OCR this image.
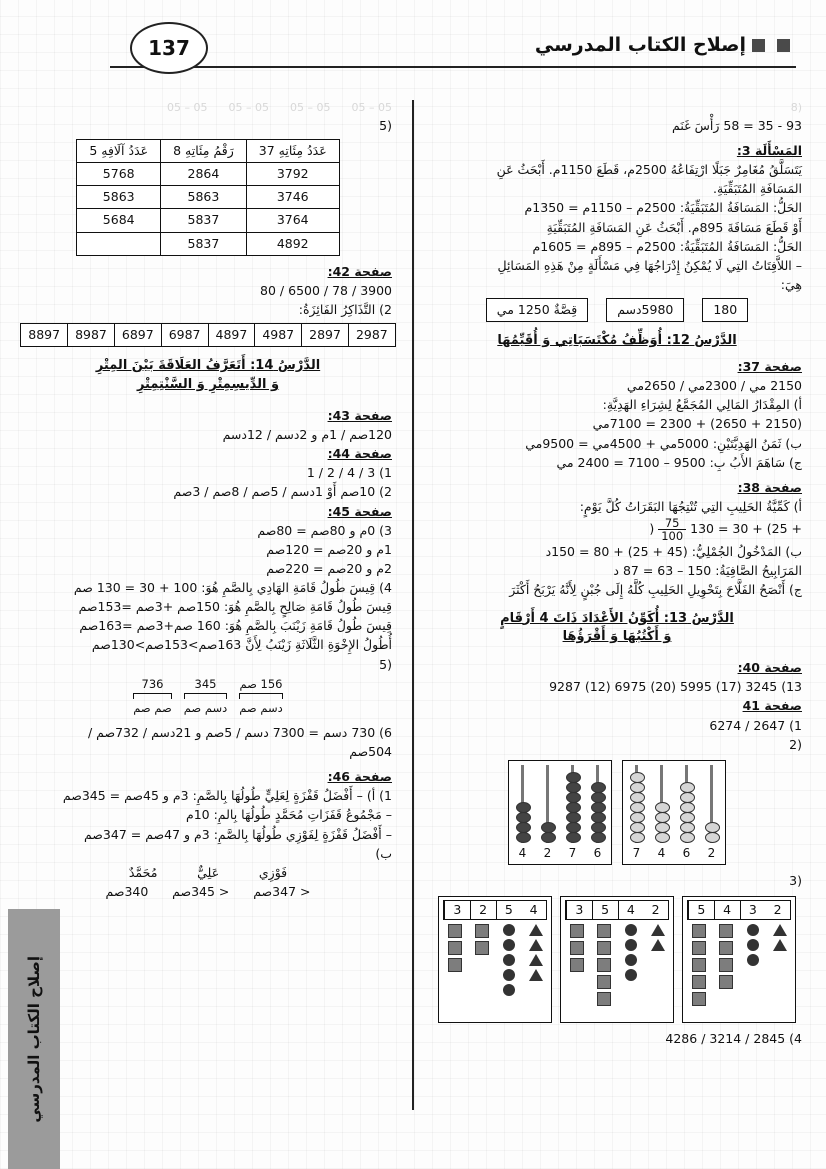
إصلاح الكتاب المدرسي
137
إصلاح الكتاب المدرسي
(8
93 - 35 = 58 رَأْسَ غَنَم
المَسْأَلَة 3:
يَتَسَلَّقُ مُغَامِرٌ جَبَلًا ارْتِفَاعُهُ 2500م، قَطَعَ 1150م. أَبْحَثُ عَنِ
المَسَافَةِ المُتَبَقِّيَةِ.
الحَلُّ: المَسَافَةُ المُتَبَقِّيَةُ: 2500م – 1150م = 1350م
أَوْ قَطَعَ مَسَافَةَ 895م. أَبْحَثُ عَنِ المَسَافَةِ المُتَبَقِّيَةِ
الحَلُّ: المَسَافَةُ المُتَبَقِّيَةُ: 2500م – 895م = 1605م
– اللاَّفِتَاتُ التِي لَا يُمْكِنُ إِدْرَاجُهَا فِي مَسْأَلَةٍ مِنْ هَذِهِ المَسَائِلِ
هِيَ:
180
5980دسم
قِصَّةٌ 1250 مي
الدَّرْسُ 12: أُوَظِّفُ مُكْتَسَبَاتِي وَ أُقَيِّمُهَا
صفحة 37:
2150 مي / 2300مي / 2650مي
أ) المِقْدَارُ المَالِي المُجَمَّعُ لِشِرَاءِ الهَدِيَّةِ:
(2150 + 2650) + 2300 = 7100مي
ب) ثَمَنُ الهَدِيَّتَيْنِ: 5000مي + 4500مي = 9500مي
ج) سَاهَمَ الأَبُ بِ: 9500 – 7100 = 2400 مي
صفحة 38:
أ) كَمِّيَّةُ الحَلِيبِ التِي تُنْتِجُهَا البَقَرَاتُ كُلَّ يَوْمٍ:
+ 25) + 30 = 130
$\frac{75}{100}$
(
ب) المَدْخُولُ الجُمْلِيُّ: (45 + 25) + 80 = 150د
المَرَابِيحُ الصَّافِيَةُ: 150 – 63 = 87 د
ج) أَنْصَحُ الفَلَّاحَ بِتَحْوِيلِ الحَلِيبِ كُلَّهُ إِلَى جُبْنٍ لِأَنَّهُ يَرْبَحُ أَكْثَرَ
الدَّرْسُ 13: أُكَوِّنُ الأَعْدَادَ ذَاتَ 4 أَرْقَامٍ
وَ أَكْتُبُهَا وَ أَقْرَؤُهَا
صفحة 40:
13) 3245 (17) 5995 (20) 6975 (12) 9287
صفحة 41
1) 2647 / 6274
(2
4	2	7	6	7	4	6	2
(3
3	2	5	4	3	5	4	2	5	4	3	2
4) 2845 / 3214 / 4286
05 – 05      05 – 05      05 – 05      05 – 05
(5
عَدَدُ مِئَاتِهِ 37	رَقْمُ مِئَاتِهِ 8	عَدَدُ آلَافِهِ 5
3792	2864	5768
3746	5863	5863
3764	5837	5684
4892	5837	
صفحة 42:
3900 / 78 / 6500 / 80
2) التَّذَاكِرُ الفَائِزَةُ:
2987
2897
4987
4897
6987
6897
8987
8897
الدَّرْسُ 14: أَتَعَرَّفُ العَلَاقَةَ بَيْنَ المِتْرِ
وَ الدِّيسِمِتْرِ وَ السَّنْتِمِتْرِ
صفحة 43:
120صم / 1م و 2دسم / 12دسم
صفحة 44:
1) 3 / 4 / 2 / 1
2) 10صم أَوْ 1دسم / 5صم / 8صم / 3صم
صفحة 45:
3) 0م و 80صم = 80صم
1م و 20صم = 120صم
2م و 20صم = 220صم
4) قِيسَ طُولُ قَامَةِ الهَادِي بِالصَّمِ هُوَ: 100 + 30 = 130 صم
قِيسَ طُولُ قَامَةِ صَالِحٍ بِالصَّمِ هُوَ: 150صم +3صم =153صم
قِيسَ طُولُ قَامَةِ زَيْنَبَ بِالصَّمِ هُوَ: 160 صم+3صم =163صم
أُطُولُ الإِخْوَةِ الثَّلَاثَةِ زَيْنَبُ لِأَنَّ 163صم>153صم>130صم
(5
156 صم
دسم صم
345
دسم صم
736
صم صم
6) 730 دسم = 7300 دسم / 5صم و 21دسم / 732صم /
504صم
صفحة 46:
1) أ) – أَفْضَلُ قَفْزَةٍ لِعَلِيٍّ طُولُهَا بِالصَّمِ: 3م و 45صم = 345صم
– مَجْمُوعُ قَفَزَاتِ مُحَمَّدٍ طُولُهَا بِالمِ: 10م
– أَفْضَلُ قَفْزَةٍ لِفَوْزِي طُولُهَا بِالصَّمِ: 3م و 47صم = 347صم
ب)
فَوْزِي          عَلِيٌّ          مُحَمَّدٌ
< 347صم      < 345صم      340صم
